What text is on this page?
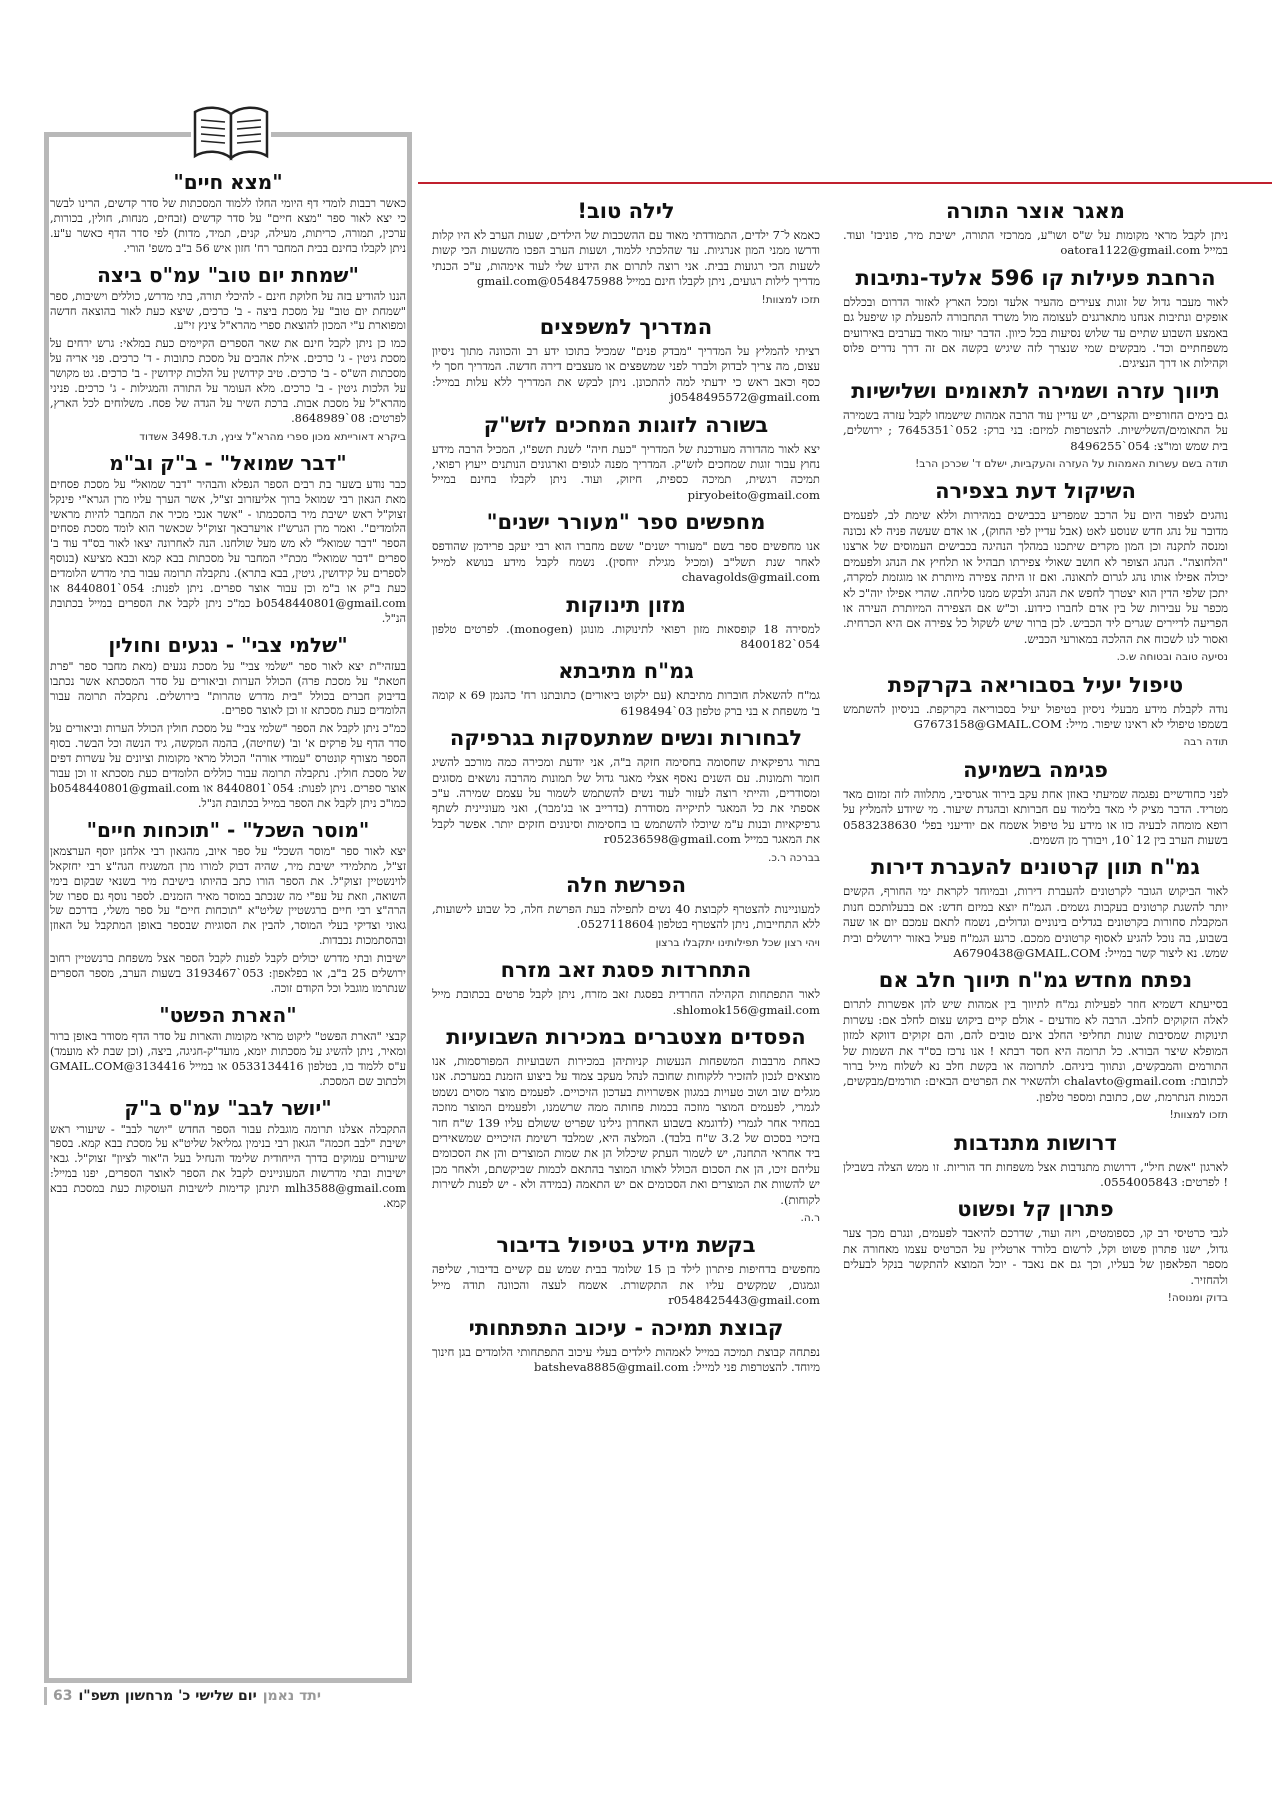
מאגר אוצר התורה

ניתן לקבל מראי מקומות על ש"ס ושו"ע, ממרכזי התורה, ישיבת מיר, פוניבז' ועוד. במייל oatora1122@gmail.com

הרחבת פעילות קו 596 אלעד-נתיבות

לאור מעבר גדול של זוגות צעירים מהעיר אלעד ומכל הארץ לאזור הדרום ובכללם אופקים ונתיבות אנחנו מתארגנים לעצומה מול משרד התחבורה להפעלת קו שיפעל גם באמצע השבוע שתיים עד שלוש נסיעות בכל כיוון. הדבר יעזור מאוד בערבים באירועים משפחתיים וכד'. מבקשים שמי שנצרך לזה שיגיש בקשה אם זה דרך נדרים פלוס וקהילות או דרך הנציגים.

תיווך עזרה ושמירה לתאומים ושלישיות

גם בימים החורפיים והקצרים, יש עדיין עוד הרבה אמהות שישמחו לקבל עזרה בשמירה על התאומים/השלישיות. להצטרפות למיזם: בני ברק: 052`7645351 ; ירושלים, בית שמש ומו"צ: 054`8496255

תודה בשם עשרות האמהות על העזרה והעקביות, ישלם ד' שכרכן הרב!
השיקול דעת בצפירה

נוהגים לצפור היום על הרכב שמפריע בכבישים במהירות וללא שימת לב, לפעמים מדובר על נהג חדש שנוסע לאט (אבל עדיין לפי החוק), או אדם שעשה פניה לא נכונה ומנסה לתקנה וכן המון מקרים שיתכנו במהלך הנהיגה בכבישים העמוסים של ארצנו "הלחוצה". הנהג הצופר לא חושב שאולי צפירתו תבהיל או תלחיץ את הנהג ולפעמים יכולה אפילו אותו נהג לגרום לתאונה. ואם זו היתה צפירה מיותרת או מוגזמת למקרה, יתכן שלפי הדין הוא יצטרך לחפש את הנהג ולבקש ממנו סליחה. שהרי אפילו יוה"כ לא מכפר על עבירות של בין אדם לחברו כידוע. וכ"ש אם הצפירה המיותרת העירה או הפריעה לדיירים שגרים ליד הכביש. לכן ברור שיש לשקול כל צפירה אם היא הכרחית. ואסור לנו לשכוח את ההלכה במאורעי הכביש.

נסיעה טובה ובטוחה ש.כ.
טיפול יעיל בסבוריאה בקרקפת

נודה לקבלת מידע מבעלי ניסיון בטיפול יעיל בסבוריאה בקרקפת. בניסיון להשתמש בשמפו טיפולי לא ראינו שיפור. מייל: G7673158@GMAIL.COM

תודה רבה
פגימה בשמיעה

לפני כחודשיים נפגמה שמיעתי באוזן אחת עקב בירוד אגרסיבי, מתלווה לזה זמזום מאד מטריד. הדבר מציק לי מאד בלימוד עם חברותא ובהגדת שיעור. מי שיודע להמליץ על רופא מומחה לבעיה כזו או מידע על טיפול אשמח אם יודיעני בפל' 0583238630 בשעות הערב בין 12`10, ויבורך מן השמים.

גמ"ח תוון קרטונים להעברת דירות

לאור הביקוש הגובר לקרטונים להעברת דירות, ובמיוחד לקראת ימי החורף, הקשים יותר להשגת קרטונים בעקבות גשמים. הגמ"ח יוצא במיזם חדש: אם בבעלותכם חנות המקבלת סחורות בקרטונים בגדלים בינוניים וגדולים, נשמח לתאם עמכם יום או שעה בשבוע, בה נוכל להגיע לאסוף קרטונים ממכם. כרגע הגמ"ח פעיל באזור ירושלים ובית שמש. נא ליצור קשר במייל: A6790438@GMAIL.COM

נפתח מחדש גמ"ח תיווך חלב אם

בסייעתא דשמיא חוזר לפעילות גמ"ח לתיווך בין אמהות שיש להן אפשרות לתרום לאלה הזקוקים לחלב. הרבה לא מודעים - אולם קיים ביקוש עצום לחלב אם: עשרות תינוקות שמסיבות שונות תחליפי החלב אינם טובים להם, והם זקוקים דווקא למזון המופלא שיצר הבורא. כל תרומה היא חסד רבתא ! אנו נרכז בס"ד את השמות של התורמים והמבקשים, ונתווך ביניהם. לתרומה או בקשת חלב נא לשלוח מייל ברור לכתובת: chalavto@gmail.com ולהשאיר את הפרטים הבאים: תורמים/מבקשים, הכמות הנתרמת, שם, כתובת ומספר טלפון.

תזכו למצוות!
דרושות מתנדבות

לארגון "אשת חיל", דרושות מתנדבות אצל משפחות חד הוריות. זו ממש הצלה בשבילן ! לפרטים: 0554005843.

פתרון קל ופשוט

לגבי כרטיסי רב קו, כספומטים, ויזה ועוד, שדרכם להיאבד לפעמים, ונגרם מכך צער גדול, ישנו פתרון פשוט וקל, לרשום בלורד ארטליין על הכרטיס עצמו מאחורה את מספר הפלאפון של בעליו, וכך גם אם נאבד - יוכל המוצא להתקשר בנקל לבעלים ולהחזיר.

בדוק ומנוסה!
לילה טוב!

כאמא ל־7 ילדים, התמודדתי מאוד עם ההשכבות של הילדים, שעות הערב לא היו קלות ודרשו ממני המון אנרגיות. עד שהלכתי ללמוד, ושעות הערב הפכו מהשעות הכי קשות לשעות הכי רגועות בבית. אני רוצה לתרום את הידע שלי לעוד אימהות, ע"כ הכנתי מדריך לילות רגועים, ניתן לקבלו חינם במייל 0548475988@gmail.com

תזכו למצוות!
המדריך למשפצים

רציתי להמליץ על המדריך "מבדק פנים" שמכיל בתוכו ידע רב והכוונה מתוך ניסיון עצום, מה צריך לבדוק ולברר לפני שמשפצים או מעצבים דירה חדשה. המדריך חסך לי כסף וכאב ראש כי ידעתי למה להתכונן. ניתן לבקש את המדריך ללא עלות במייל: j0548495572@gmail.com

בשורה לזוגות המחכים לזש"ק

יצא לאור מהדורה מעודכנת של המדריך "כעת חיה" לשנת תשפ"ו, המכיל הרבה מידע נחוץ עבור זוגות שמחכים לזש"ק. המדריך מפנה לגופים וארגונים הנותנים ייעוץ רפואי, תמיכה רגשית, תמיכה כספית, חיזוק, ועוד. ניתן לקבלו בחינם במייל piryobeito@gmail.com

מחפשים ספר "מעורר ישנים"

אנו מחפשים ספר בשם "מעורר ישנים" ששם מחברו הוא רבי יעקב פרידמן שהודפס לאחר שנת תשל"ב (ומכיל מגילת יוחסין). נשמח לקבל מידע בנושא למייל chavagolds@gmail.com

מזון תינוקות

למסירה 18 קופסאות מזון רפואי לתינוקות. מונוגן (monogen). לפרטים טלפון 054`8400182

גמ"ח מתיבתא

גמ"ח להשאלת חוברות מתיבתא (עם ילקוט ביאורים) כתובתנו רח' כהנמן 69 א קומה ב' משפחת א בני ברק טלפון 03`6198494

לבחורות ונשים שמתעסקות בגרפיקה

בתור גרפיקאית שחסומה בחסימה חזקה ב"ה, אני יודעת ומכירה כמה מורכב להשיג חומר ותמונות. עם השנים נאסף אצלי מאגר גדול של תמונות מהרבה נושאים מסוגים ומסודרים, והייתי רוצה לעזור לעוד נשים להשתמש לשמור על עצמם שמירה. ע"כ אספתי את כל המאגר לתיקייה מסודרת (בדרייב או בג'מבר), ואני מעוניינית לשתף גרפיקאיות ובנות ע"מ שיוכלו להשתמש בו בחסימות וסינונים חזקים יותר. אפשר לקבל את המאגר במייל r05236598@gmail.com

בברכה ר.כ.
הפרשת חלה

למעוניינות להצטרף לקבוצת 40 נשים לתפילה בעת הפרשת חלה, כל שבוע לישועות, ללא התחייבות, ניתן להצטרף בטלפון 0527118604.

ויהי רצון שכל תפילותינו יתקבלו ברצון
התחרדות פסגת זאב מזרח

לאור התפתחות הקהילה החרדית בפסגת זאב מזרח, ניתן לקבל פרטים בכתובת מייל shlomok156@gmail.com.

הפסדים מצטברים במכירות השבועיות

כאחת מרבבות המשפחות הנעשות קניותיהן במכירות השבועיות המפורסמות, אנו מוצאים לנכון להזכיר ללקוחות שחובה לנהל מעקב צמוד על ביצוע הזמנת במערכת. אנו מגלים שוב ושוב טעויות במגוון אפשרויות בעדכון הזיכויים. לפעמים מוצר מסוים נשמט לגמרי, לפעמים המוצר מוזכה בכמות פחותה ממה שרשמנו, ולפעמים המוצר מוזכה במחיר אחר לגמרי (לדוגמא בשבוע האחרון גילינו שפריט ששולם עליו 139 ש"ח חזר בזיכוי בסכום של 3.2 ש"ח בלבד). המלצה היא, שמלבד רשימת הזיכויים שמשאירים ביד אחראי התחנה, יש לשמור העתק שיכלול הן את שמות המוצרים והן את הסכומים עליהם זיכו, הן את הסכום הכולל לאותו המוצר בהתאם לכמות שביקשתם, ולאחר מכן יש להשוות את המוצרים ואת הסכומים אם יש התאמה (במידה ולא - יש לפנות לשירות לקוחות).

ר.ה.
בקשת מידע בטיפול בדיבור

מחפשים בדחיפות פיתרון לילד בן 15 שלומד בבית שמש עם קשיים בדיבור, שליפה וגמגום, שמקשים עליו את התקשורת. אשמח לעצה והכוונה תודה מייל r0548425443@gmail.com

קבוצת תמיכה - עיכוב התפתחותי

נפתחה קבוצת תמיכה במייל לאמהות לילדים בעלי עיכוב התפתחותי הלומדים בגן חינוך מיוחד. להצטרפות פני למייל: batsheva8885@gmail.com

"מצא חיים"

כאשר רבבות לומדי דף היומי החלו ללמוד המסכתות של סדר קדשים, הרינו לבשר כי יצא לאור ספר "מצא חיים" על סדר קדשים (זבחים, מנחות, חולין, בכורות, ערכין, תמורה, כריתות, מעילה, קנים, תמיד, מדות) לפי סדר הדף כאשר ע"ע. ניתן לקבלו בחינם בבית המחבר רח' חזון איש 56 ב"ב משפ' הורי.

"שמחת יום טוב" עמ"ס ביצה

הננו להודיע בזה על חלוקת חינם - להיכלי תורה, בתי מדרש, כוללים וישיבות, ספר "שמחת יום טוב" על מסכת ביצה - ב' כרכים, שיצא כעת לאור בהוצאה חדשה ומפוארת ע"י המכון להוצאת ספרי מהרא"ל צינץ זי"ע.

כמו כן ניתן לקבל חינם את שאר הספרים הקיימים כעת במלאי: גרש ירחים על מסכת גיטין - ג' כרכים. אילת אהבים על מסכת כתובות - ד' כרכים. פני אריה על מסכתות הש"ס - ב' כרכים. טיב קידושין על הלכות קידושין - ב' כרכים. גט מקושר על הלכות גיטין - ב' כרכים. מלא העומר על התורה והמגילות - ג' כרכים. פניני מהרא"ל על מסכת אבות. ברכת השיר על הגדה של פסח. משלוחים לכל הארץ, לפרטים: 08`8648989.

ביקרא דאורייתא מכון ספרי מהרא"ל צינץ, ת.ד.3498 אשדוד
"דבר שמואל" - ב"ק וב"מ

כבר נודע בשער בת רבים הספר הנפלא והבהיר "דבר שמואל" על מסכת פסחים מאת הגאון רבי שמואל ברוך אליעזרוב זצ"ל, אשר הערך עליו מרן הגרא"י פינקל זצוק"ל ראש ישיבת מיר בהסכמתו - "אשר אנכי מכיר את המחבר להיות מראשי הלומדים". ואמר מרן הגרש"ז אויערבאך זצוק"ל שכאשר הוא לומד מסכת פסחים הספר "דבר שמואל" לא מש מעל שולחנו. הנה לאחרונה יצאו לאור בס"ד עוד ב' ספרים "דבר שמואל" מכת"י המחבר על מסכתות בבא קמא ובבא מציעא (בנוסף לספרים על קידושין, גיטין, בבא בתרא). נתקבלה תרומה עבור בתי מדרש הלומדים כעת ב"ק או ב"מ וכן עבור אוצר ספרים. ניתן לפנות: 054`8440801 או b0548440801@gmail.com כמ"כ ניתן לקבל את הספרים במייל בכתובת הנ"ל.

"שלמי צבי" - נגעים וחולין

בעזהי"ת יצא לאור ספר "שלמי צבי" על מסכת נגעים (מאת מחבר ספר "פרת חטאת" על מסכת פרה) הכולל הערות וביאורים על סדר המסכתא אשר נכתבו בדיבוק חברים בכולל "בית מדרש טהרות" בירושלים. נתקבלה תרומה עבור הלומדים כעת מסכתא זו וכן לאוצר ספרים.

כמ"כ ניתן לקבל את הספר "שלמי צבי" על מסכת חולין הכולל הערות וביאורים על סדר הדף על פרקים א' וב' (שחיטה), בהמה המקשה, גיד הנשה וכל הבשר. בסוף הספר מצורף קונטרס "עמודי אורה" הכולל מראי מקומות וציונים על עשרות דפים של מסכת חולין. נתקבלה תרומה עבור כוללים הלומדים כעת מסכתא זו וכן עבור אוצר ספרים. ניתן לפנות: 054`8440801 או b0548440801@gmail.com כמו"כ ניתן לקבל את הספר במייל בכתובת הנ"ל.

"מוסר השכל" - "תוכחות חיים"

יצא לאור ספר "מוסר השכל" על ספר איוב, מהגאון רבי אלחנן יוסף הערצמאן זצ"ל, מתלמידי ישיבת מיר, שהיה דבוק למורו מרן המשגיח הגה"צ רבי יחזקאל לוינשטיין זצוק"ל. את הספר הורו כתב בהיותו בישיבת מיר בשנאי שבקום בימי השואה, וזאת על עפ"י מה שנכתב במוסר מאיר הזמנים. לספר נוסף גם ספרו של הרה"צ רבי חיים ברגשטיין שליט"א "תוכחות חיים" על ספר משלי, בדרכם של גאוני וצדיקי בעלי המוסר, להבין את הסוגיות שבספר באופן המתקבל על האוזן ובהסתמכות נכבדות.

ישיבות ובתי מדרש יכולים לקבל לפנות לקבל הספר אצל משפחת ברנשטיין רחוב ירושלים 25 ב"ב, או בפלאפון: 053`3193467 בשעות הערב, מספר הספרים שנתרמו מוגבל וכל הקודם זוכה.

"הארת הפשט"

קבצי "הארת הפשט" ליקוט מראי מקומות והארות על סדר הדף מסודר באופן ברור ומאיר, ניתן להשיג על מסכתות יומא, מועד"ק-חגיגה, ביצה, (וכן שבת לא מועמד) ע"ס ללמוד בו, בטלפון 0533134416 או במייל 3134416@GMAIL.COM ולכתוב שם המסכת.

"יושר לבב" עמ"ס ב"ק

התקבלה אצלנו תרומה מוגבלת עבור הספר החדש "יושר לבב" - שיעורי ראש ישיבת "לבב חכמה" הגאון רבי בנימין גמליאל שליט"א על מסכת בבא קמא. בספר שיעורים עמוקים בדרך הייחודית שלימד והנחיל בעל ה"אור לציון" זצוק"ל. גבאי ישיבות ובתי מדרשות המעוניינים לקבל את הספר לאוצר הספרים, יפנו במייל: mlh3588@gmail.com תינתן קדימות לישיבות העוסקות כעת במסכת בבא קמא.

יתד נאמן
יום שלישי כ' מרחשון תשפ"ו
63
